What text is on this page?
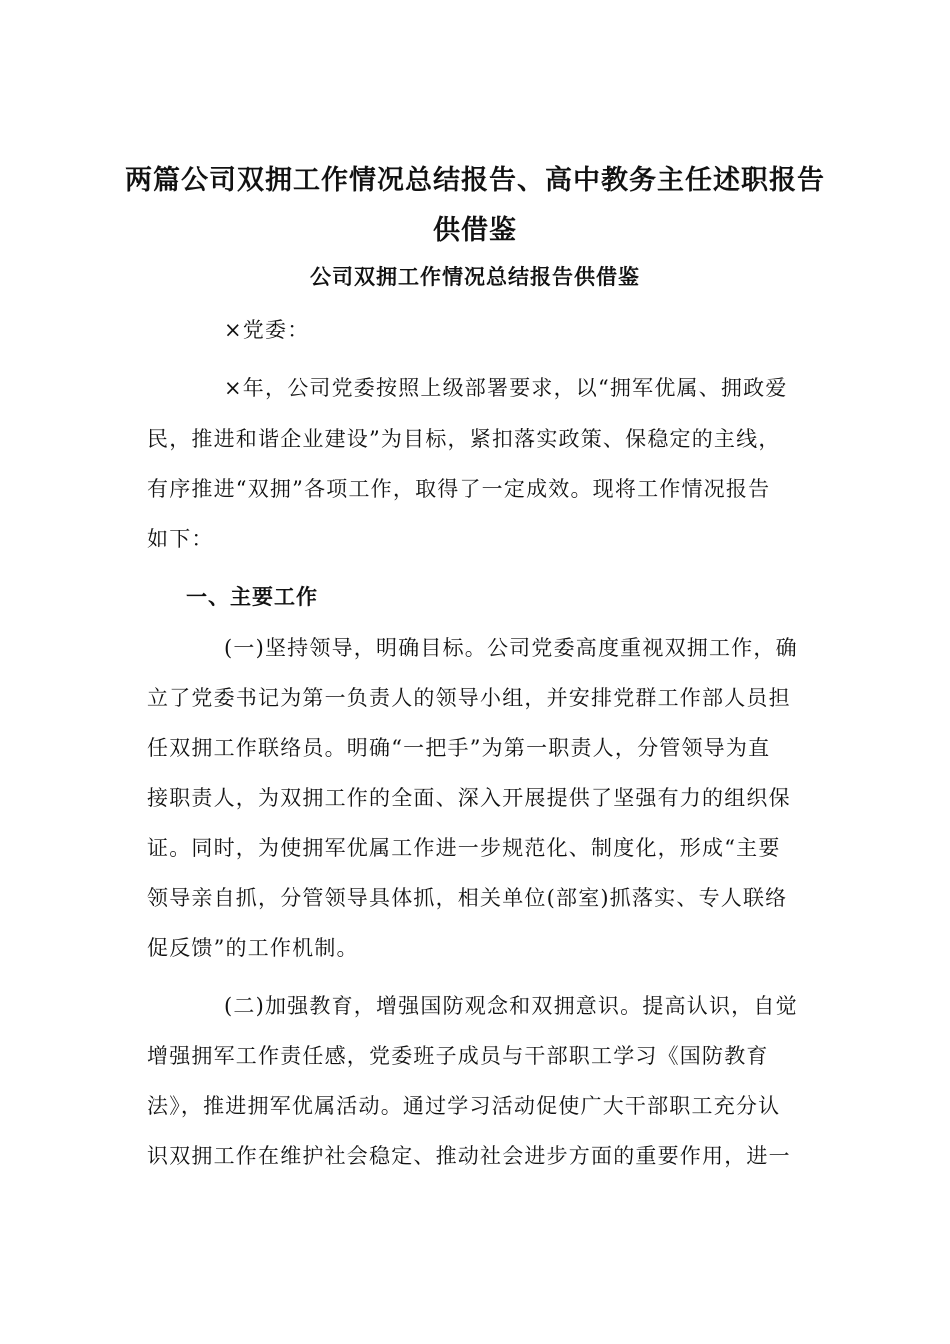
两篇公司双拥工作情况总结报告、高中教务主任述职报告
供借鉴
公司双拥工作情况总结报告供借鉴
×党委：
×年，公司党委按照上级部署要求，以“拥军优属、拥政爱
民，推进和谐企业建设”为目标，紧扣落实政策、保稳定的主线，
有序推进“双拥”各项工作，取得了一定成效。现将工作情况报告
如下：
一、主要工作
(一)坚持领导，明确目标。公司党委高度重视双拥工作，确
立了党委书记为第一负责人的领导小组，并安排党群工作部人员担
任双拥工作联络员。明确“一把手”为第一职责人，分管领导为直
接职责人，为双拥工作的全面、深入开展提供了坚强有力的组织保
证。同时，为使拥军优属工作进一步规范化、制度化，形成“主要
领导亲自抓，分管领导具体抓，相关单位(部室)抓落实、专人联络
促反馈”的工作机制。
(二)加强教育，增强国防观念和双拥意识。提高认识，自觉
增强拥军工作责任感，党委班子成员与干部职工学习《国防教育
法》，推进拥军优属活动。通过学习活动促使广大干部职工充分认
识双拥工作在维护社会稳定、推动社会进步方面的重要作用，进一
